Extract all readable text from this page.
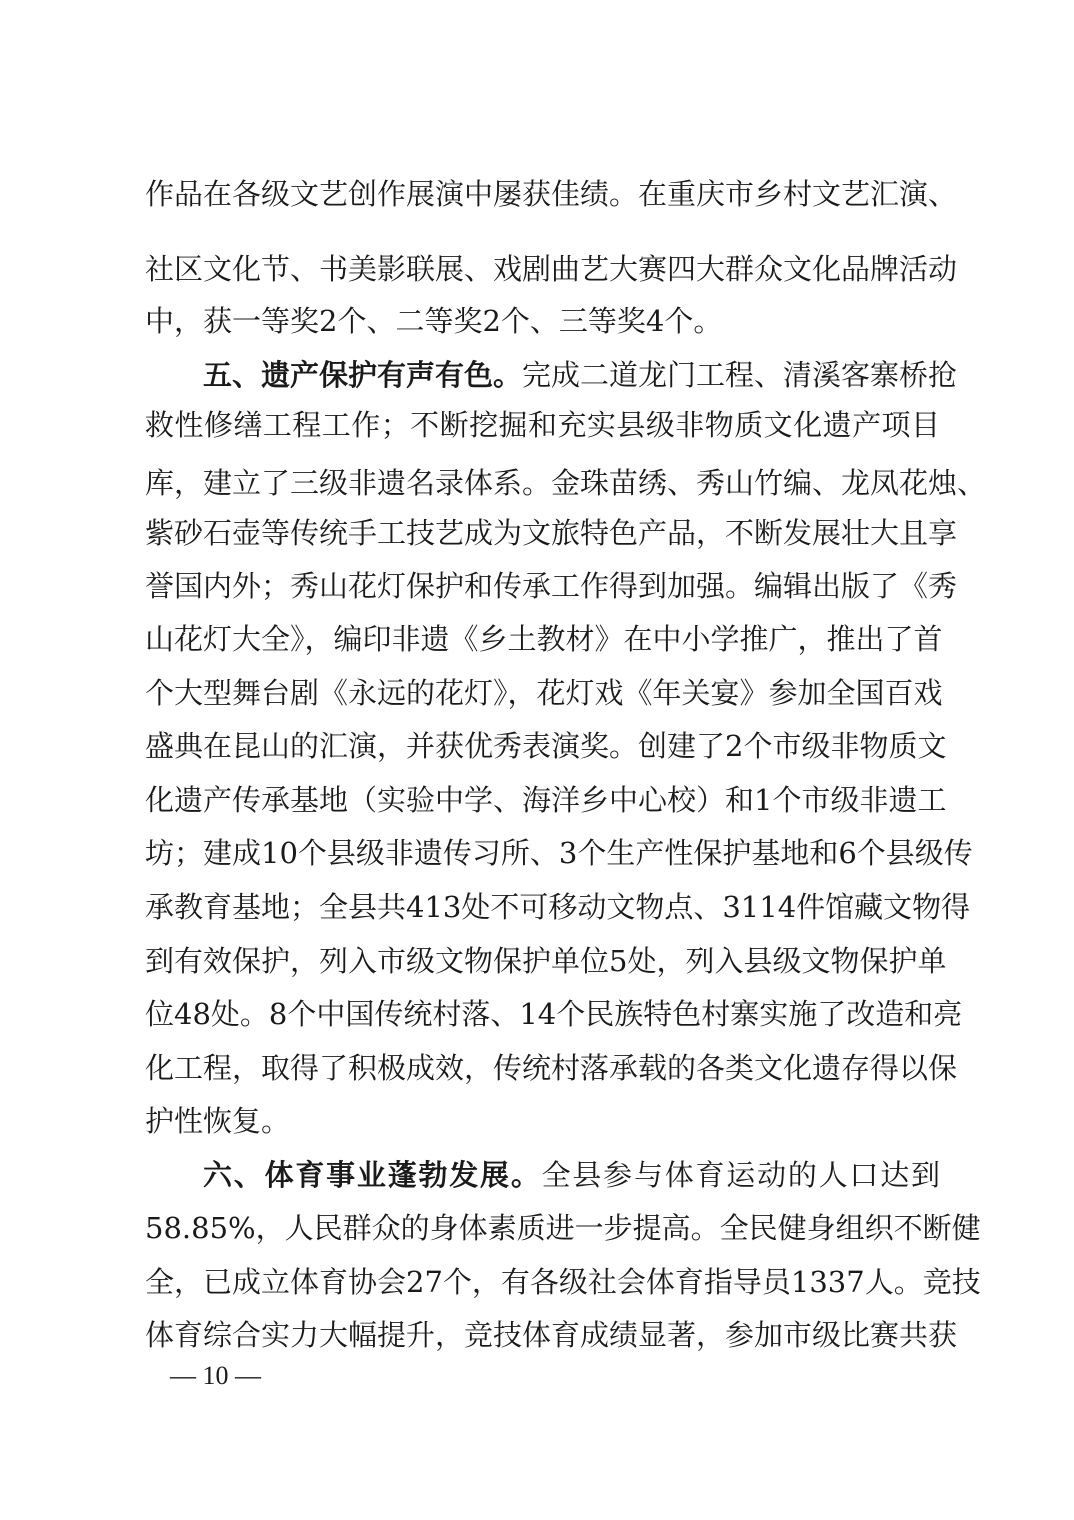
作品在各级文艺创作展演中屡获佳绩。在重庆市乡村文艺汇演、
社区文化节、书美影联展、戏剧曲艺大赛四大群众文化品牌活动
中，获一等奖2个、二等奖2个、三等奖4个。
五、遗产保护有声有色。完成二道龙门工程、清溪客寨桥抢
救性修缮工程工作；不断挖掘和充实县级非物质文化遗产项目
库，建立了三级非遗名录体系。金珠苗绣、秀山竹编、龙凤花烛、
紫砂石壶等传统手工技艺成为文旅特色产品，不断发展壮大且享
誉国内外；秀山花灯保护和传承工作得到加强。编辑出版了《秀
山花灯大全》，编印非遗《乡土教材》在中小学推广，推出了首
个大型舞台剧《永远的花灯》，花灯戏《年关宴》参加全国百戏
盛典在昆山的汇演，并获优秀表演奖。创建了2个市级非物质文
化遗产传承基地（实验中学、海洋乡中心校）和1个市级非遗工
坊；建成10个县级非遗传习所、3个生产性保护基地和6个县级传
承教育基地；全县共413处不可移动文物点、3114件馆藏文物得
到有效保护，列入市级文物保护单位5处，列入县级文物保护单
位48处。8个中国传统村落、14个民族特色村寨实施了改造和亮
化工程，取得了积极成效，传统村落承载的各类文化遗存得以保
护性恢复。
六、体育事业蓬勃发展。全县参与体育运动的人口达到
58.85%，人民群众的身体素质进一步提高。全民健身组织不断健
全，已成立体育协会27个，有各级社会体育指导员1337人。竞技
体育综合实力大幅提升，竞技体育成绩显著，参加市级比赛共获
— 10 —
